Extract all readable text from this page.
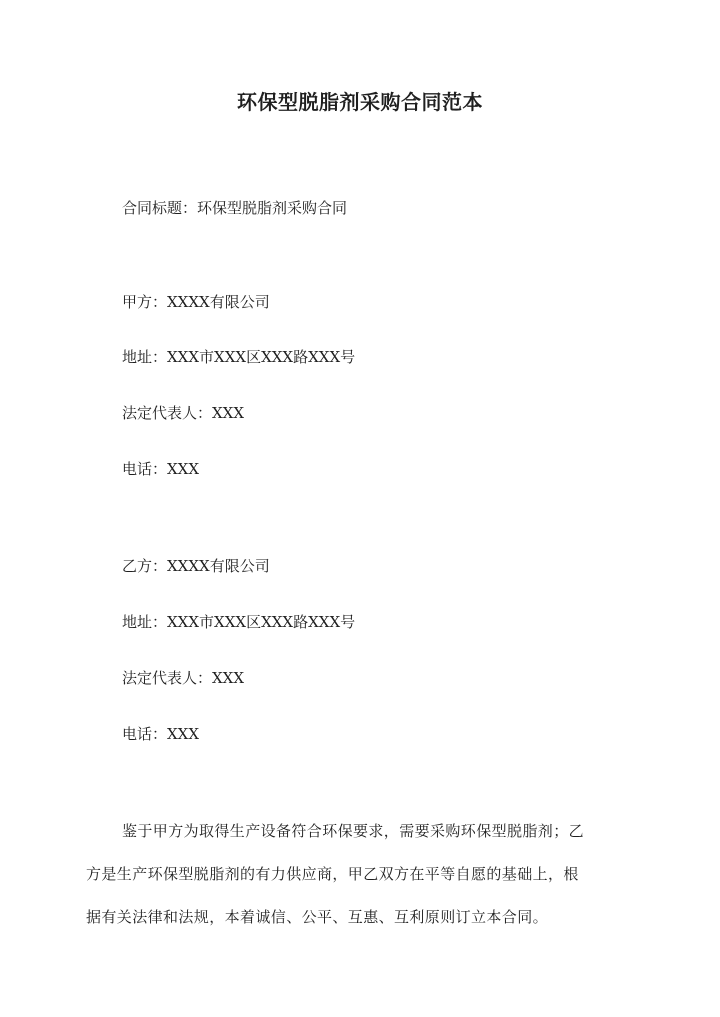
环保型脱脂剂采购合同范本
合同标题：环保型脱脂剂采购合同
甲方：XXXX有限公司
地址：XXX市XXX区XXX路XXX号
法定代表人：XXX
电话：XXX
乙方：XXXX有限公司
地址：XXX市XXX区XXX路XXX号
法定代表人：XXX
电话：XXX
鉴于甲方为取得生产设备符合环保要求，需要采购环保型脱脂剂；乙
方是生产环保型脱脂剂的有力供应商，甲乙双方在平等自愿的基础上，根
据有关法律和法规，本着诚信、公平、互惠、互利原则订立本合同。
